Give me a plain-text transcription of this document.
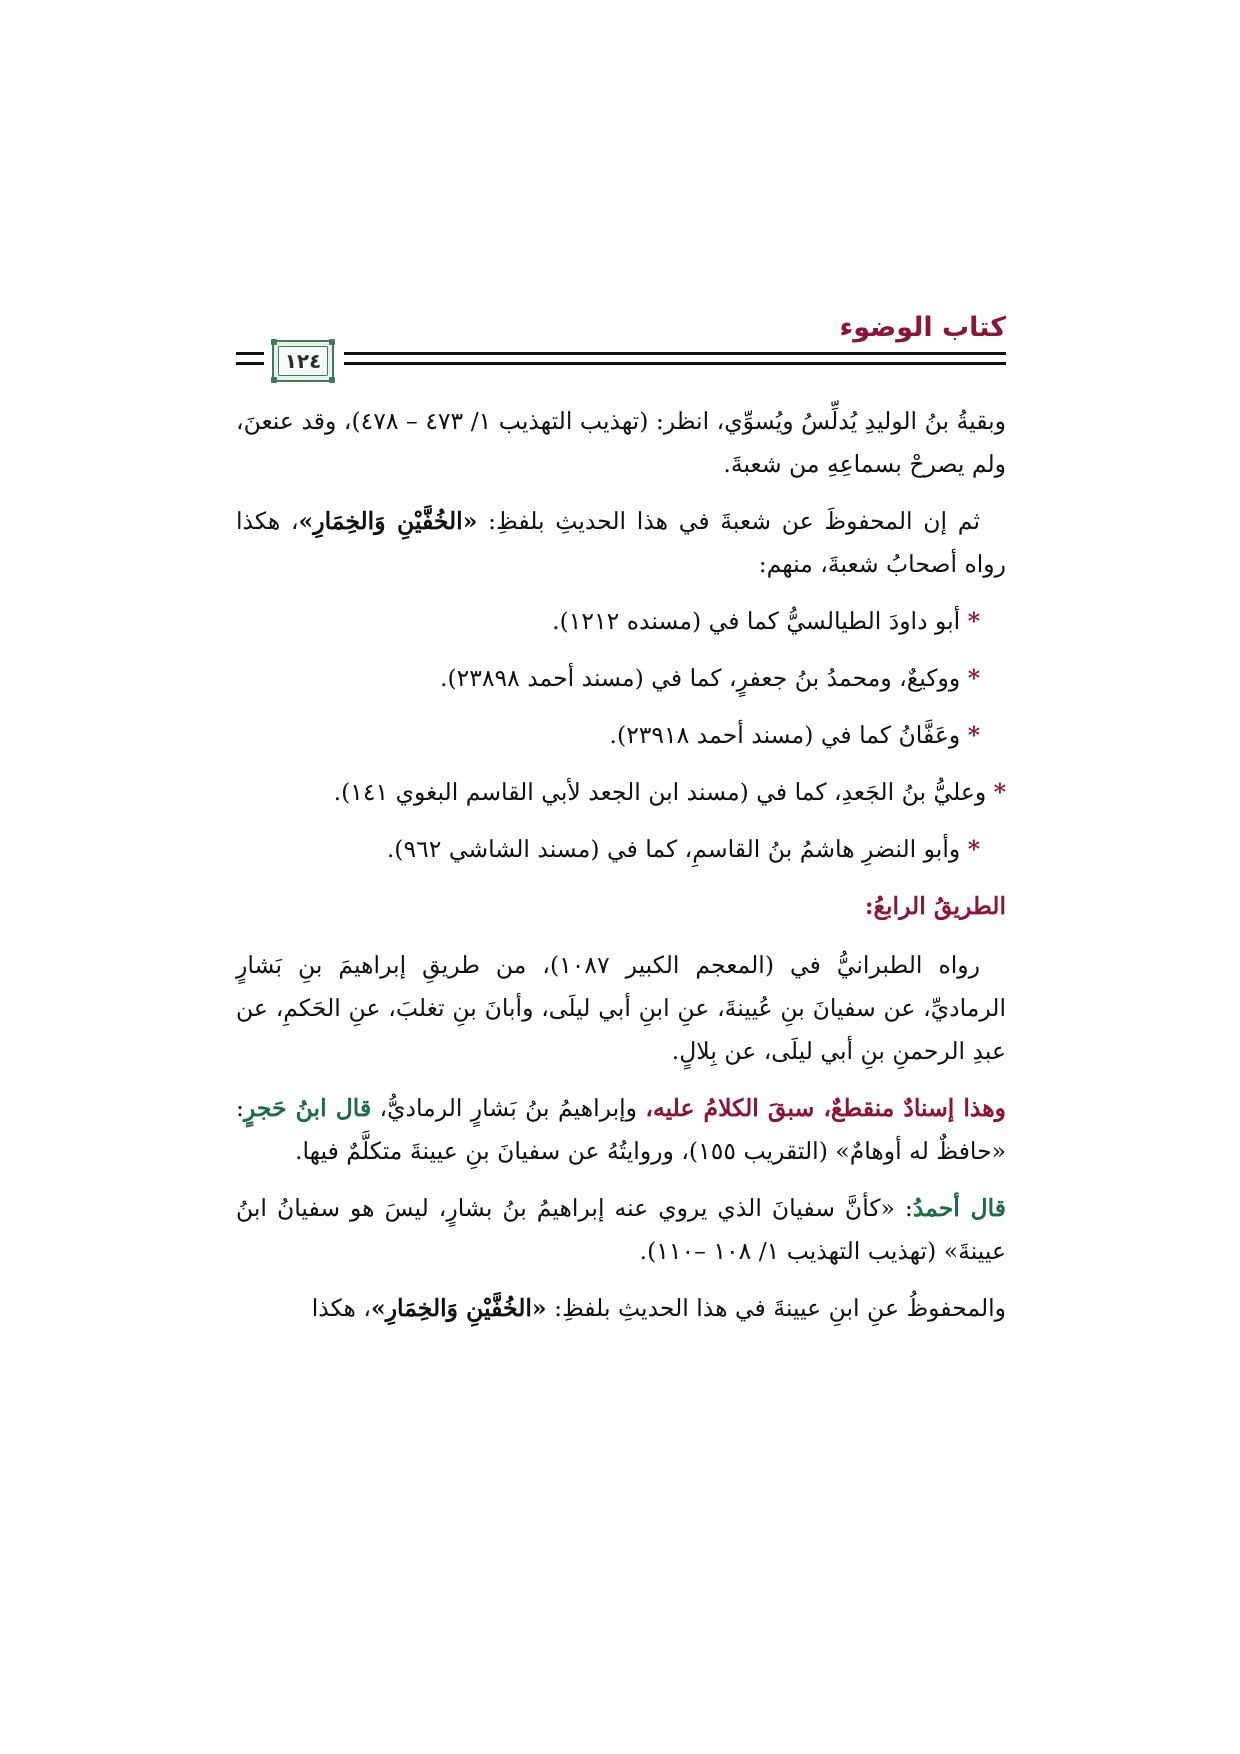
كتاب الوضوء
١٢٤

وبقيةُ بنُ الوليدِ يُدلِّسُ ويُسوِّي، انظر: (تهذيب التهذيب ١/ ٤٧٣ – ٤٧٨)، وقد عنعنَ، ولم يصرحْ بسماعِهِ من شعبةَ.

ثم إن المحفوظَ عن شعبةَ في هذا الحديثِ بلفظِ: «الخُفَّيْنِ وَالخِمَارِ»، هكذا رواه أصحابُ شعبةَ، منهم:

* أبو داودَ الطيالسيُّ كما في (مسنده ١٢١٢).

* ووكيعٌ، ومحمدُ بنُ جعفرٍ، كما في (مسند أحمد ٢٣٨٩٨).

* وعَفَّانُ كما في (مسند أحمد ٢٣٩١٨).

* وعليُّ بنُ الجَعدِ، كما في (مسند ابن الجعد لأبي القاسم البغوي ١٤١).

* وأبو النضرِ هاشمُ بنُ القاسمِ، كما في (مسند الشاشي ٩٦٢).

الطريقُ الرابعُ:

رواه الطبرانيُّ في (المعجم الكبير ١٠٨٧)، من طريقِ إبراهيمَ بنِ بَشارٍ الرماديِّ، عن سفيانَ بنِ عُيينةَ، عنِ ابنِ أبي ليلَى، وأبانَ بنِ تغلبَ، عنِ الحَكمِ، عن عبدِ الرحمنِ بنِ أبي ليلَى، عن بِلالٍ.

وهذا إسنادٌ منقطعٌ، سبقَ الكلامُ عليه، وإبراهيمُ بنُ بَشارٍ الرماديُّ، قال ابنُ حَجرٍ: «حافظٌ له أوهامٌ» (التقريب ١٥٥)، وروايتُهُ عن سفيانَ بنِ عيينةَ متكلَّمٌ فيها.

قال أحمدُ: «كأنَّ سفيانَ الذي يروي عنه إبراهيمُ بنُ بشارٍ، ليسَ هو سفيانُ ابنُ عيينةَ» (تهذيب التهذيب ١/ ١٠٨ –١١٠).

والمحفوظُ عنِ ابنِ عيينةَ في هذا الحديثِ بلفظِ: «الخُفَّيْنِ وَالخِمَارِ»، هكذا
